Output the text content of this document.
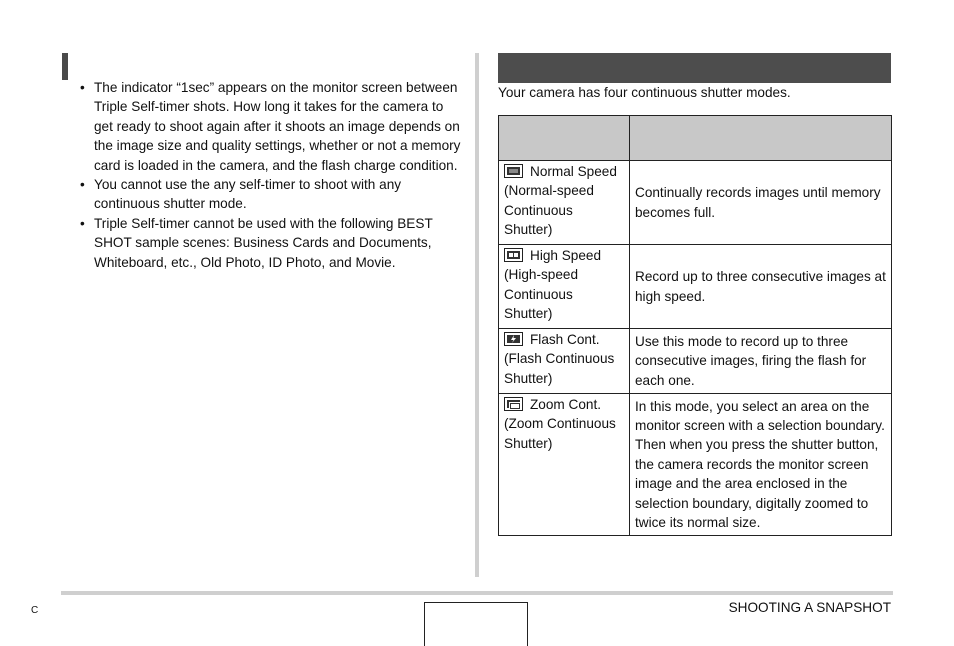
• The indicator “1sec” appears on the monitor screen between Triple Self-timer shots. How long it takes for the camera to get ready to shoot again after it shoots an image depends on the image size and quality settings, whether or not a memory card is loaded in the camera, and the flash charge condition.
• You cannot use the any self-timer to shoot with any continuous shutter mode.
• Triple Self-timer cannot be used with the following BEST SHOT sample scenes: Business Cards and Documents, Whiteboard, etc., Old Photo, ID Photo, and Movie.
Your camera has four continuous shutter modes.

Normal Speed
(Normal-speed Continuous Shutter)	Continually records images until memory becomes full.
High Speed
(High-speed Continuous Shutter)	Record up to three consecutive images at high speed.
Flash Cont.
(Flash Continuous Shutter)	Use this mode to record up to three consecutive images, firing the flash for each one.
Zoom Cont.
(Zoom Continuous Shutter)	In this mode, you select an area on the monitor screen with a selection boundary. Then when you press the shutter button, the camera records the monitor screen image and the area enclosed in the selection boundary, digitally zoomed to twice its normal size.
C	SHOOTING A SNAPSHOT
